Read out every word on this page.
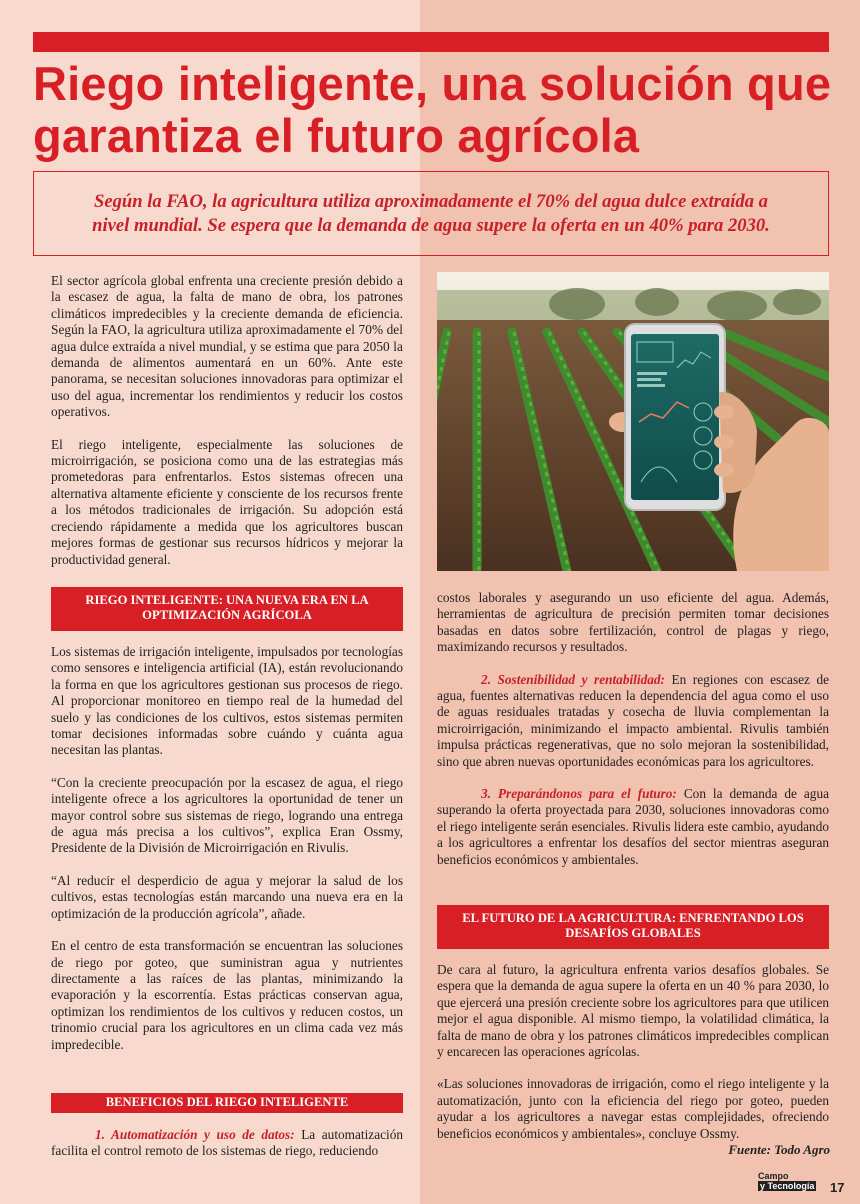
Riego inteligente, una solución que garantiza el futuro agrícola

Según la FAO, la agricultura utiliza aproximadamente el 70% del agua dulce extraída a nivel mundial. Se espera que la demanda de agua supere la oferta en un 40% para 2030.

El sector agrícola global enfrenta una creciente presión debido a la escasez de agua, la falta de mano de obra, los patrones climáticos impredecibles y la creciente demanda de eficiencia. Según la FAO, la agricultura utiliza aproximadamente el 70% del agua dulce extraída a nivel mundial, y se estima que para 2050 la demanda de alimentos aumentará en un 60%. Ante este panorama, se necesitan soluciones innovadoras para optimizar el uso del agua, incrementar los rendimientos y reducir los costos operativos.

El riego inteligente, especialmente las soluciones de microirrigación, se posiciona como una de las estrategias más prometedoras para enfrentarlos. Estos sistemas ofrecen una alternativa altamente eficiente y consciente de los recursos frente a los métodos tradicionales de irrigación. Su adopción está creciendo rápidamente a medida que los agricultores buscan mejores formas de gestionar sus recursos hídricos y mejorar la productividad general.

RIEGO INTELIGENTE: UNA NUEVA ERA EN LA OPTIMIZACIÓN AGRÍCOLA

Los sistemas de irrigación inteligente, impulsados por tecnologías como sensores e inteligencia artificial (IA), están revolucionando la forma en que los agricultores gestionan sus procesos de riego. Al proporcionar monitoreo en tiempo real de la humedad del suelo y las condiciones de los cultivos, estos sistemas permiten tomar decisiones informadas sobre cuándo y cuánta agua necesitan las plantas.

“Con la creciente preocupación por la escasez de agua, el riego inteligente ofrece a los agricultores la oportunidad de tener un mayor control sobre sus sistemas de riego, logrando una entrega de agua más precisa a los cultivos”, explica Eran Ossmy, Presidente de la División de Microirrigación en Rivulis.

“Al reducir el desperdicio de agua y mejorar la salud de los cultivos, estas tecnologías están marcando una nueva era en la optimización de la producción agrícola”, añade.

En el centro de esta transformación se encuentran las soluciones de riego por goteo, que suministran agua y nutrientes directamente a las raíces de las plantas, minimizando la evaporación y la escorrentía. Estas prácticas conservan agua, optimizan los rendimientos de los cultivos y reducen costos, un trinomio crucial para los agricultores en un clima cada vez más impredecible.

BENEFICIOS DEL RIEGO INTELIGENTE

1. Automatización y uso de datos: La automatización facilita el control remoto de los sistemas de riego, reduciendo

costos laborales y asegurando un uso eficiente del agua. Además, herramientas de agricultura de precisión permiten tomar decisiones basadas en datos sobre fertilización, control de plagas y riego, maximizando recursos y resultados.

2. Sostenibilidad y rentabilidad: En regiones con escasez de agua, fuentes alternativas reducen la dependencia del agua como el uso de aguas residuales tratadas y cosecha de lluvia complementan la microirrigación, minimizando el impacto ambiental. Rivulis también impulsa prácticas regenerativas, que no solo mejoran la sostenibilidad, sino que abren nuevas oportunidades económicas para los agricultores.

3. Preparándonos para el futuro: Con la demanda de agua superando la oferta proyectada para 2030, soluciones innovadoras como el riego inteligente serán esenciales. Rivulis lidera este cambio, ayudando a los agricultores a enfrentar los desafíos del sector mientras aseguran beneficios económicos y ambientales.

EL FUTURO DE LA AGRICULTURA: ENFRENTANDO LOS DESAFÍOS GLOBALES

De cara al futuro, la agricultura enfrenta varios desafíos globales. Se espera que la demanda de agua supere la oferta en un 40 % para 2030, lo que ejercerá una presión creciente sobre los agricultores para que utilicen mejor el agua disponible. Al mismo tiempo, la volatilidad climática, la falta de mano de obra y los patrones climáticos impredecibles complican y encarecen las operaciones agrícolas.

«Las soluciones innovadoras de irrigación, como el riego inteligente y la automatización, junto con la eficiencia del riego por goteo, pueden ayudar a los agricultores a navegar estas complejidades, ofreciendo beneficios económicos y ambientales», concluye Ossmy.

Fuente: Todo Agro
Campo
y Tecnología	17
